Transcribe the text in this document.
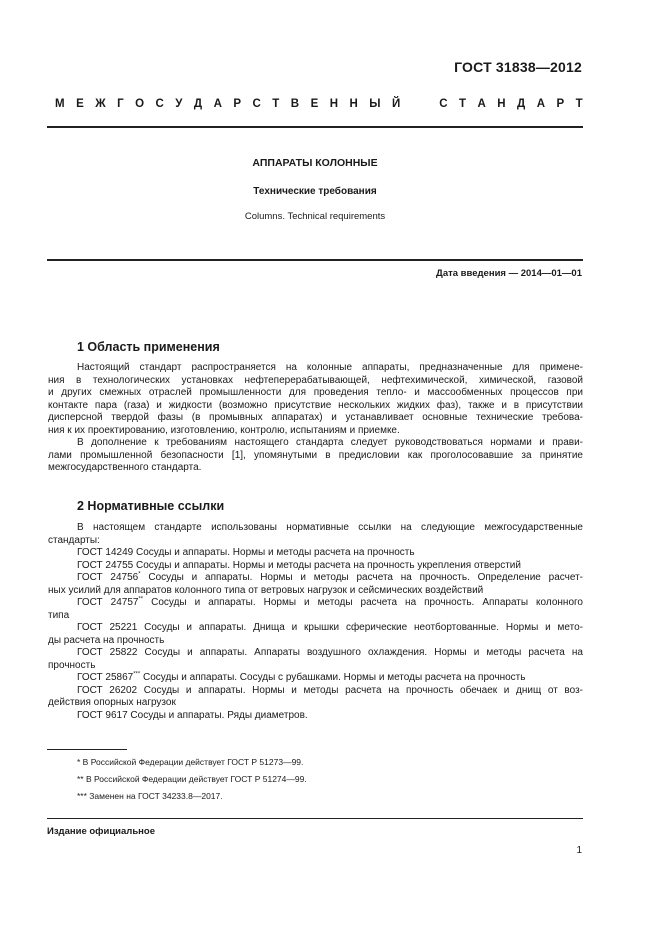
ГОСТ 31838—2012
М Е Ж Г О С У Д А Р С Т В Е Н Н Ы Й	С Т А Н Д А Р Т
АППАРАТЫ КОЛОННЫЕ
Технические требования
Columns. Technical requirements
Дата введения — 2014—01—01
1 Область применения
Настоящий стандарт распространяется на колонные аппараты, предназначенные для примене-
ния в технологических установках нефтеперерабатывающей, нефтехимической, химической, газовой
и других смежных отраслей промышленности для проведения тепло- и массообменных процессов при
контакте пара (газа) и жидкости (возможно присутствие нескольких жидких фаз), также и в присутствии
дисперсной твердой фазы (в промывных аппаратах) и устанавливает основные технические требова-
ния к их проектированию, изготовлению, контролю, испытаниям и приемке.
В дополнение к требованиям настоящего стандарта следует руководствоваться нормами и прави-
лами промышленной безопасности [1], упомянутыми в предисловии как проголосовавшие за принятие
межгосударственного стандарта.
2 Нормативные ссылки
В настоящем стандарте использованы нормативные ссылки на следующие межгосударственные
стандарты:
ГОСТ 14249 Сосуды и аппараты. Нормы и методы расчета на прочность
ГОСТ 24755 Сосуды и аппараты. Нормы и методы расчета на прочность укрепления отверстий
ГОСТ 24756* Сосуды и аппараты. Нормы и методы расчета на прочность. Определение расчет-
ных усилий для аппаратов колонного типа от ветровых нагрузок и сейсмических воздействий
ГОСТ 24757** Сосуды и аппараты. Нормы и методы расчета на прочность. Аппараты колонного
типа
ГОСТ 25221 Сосуды и аппараты. Днища и крышки сферические неотбортованные. Нормы и мето-
ды расчета на прочность
ГОСТ 25822 Сосуды и аппараты. Аппараты воздушного охлаждения. Нормы и методы расчета на
прочность
ГОСТ 25867*** Сосуды и аппараты. Сосуды с рубашками. Нормы и методы расчета на прочность
ГОСТ 26202 Сосуды и аппараты. Нормы и методы расчета на прочность обечаек и днищ от воз-
действия опорных нагрузок
ГОСТ 9617 Сосуды и аппараты. Ряды диаметров.
* В Российской Федерации действует ГОСТ Р 51273—99.
** В Российской Федерации действует ГОСТ Р 51274—99.
*** Заменен на ГОСТ 34233.8—2017.
Издание официальное
1
